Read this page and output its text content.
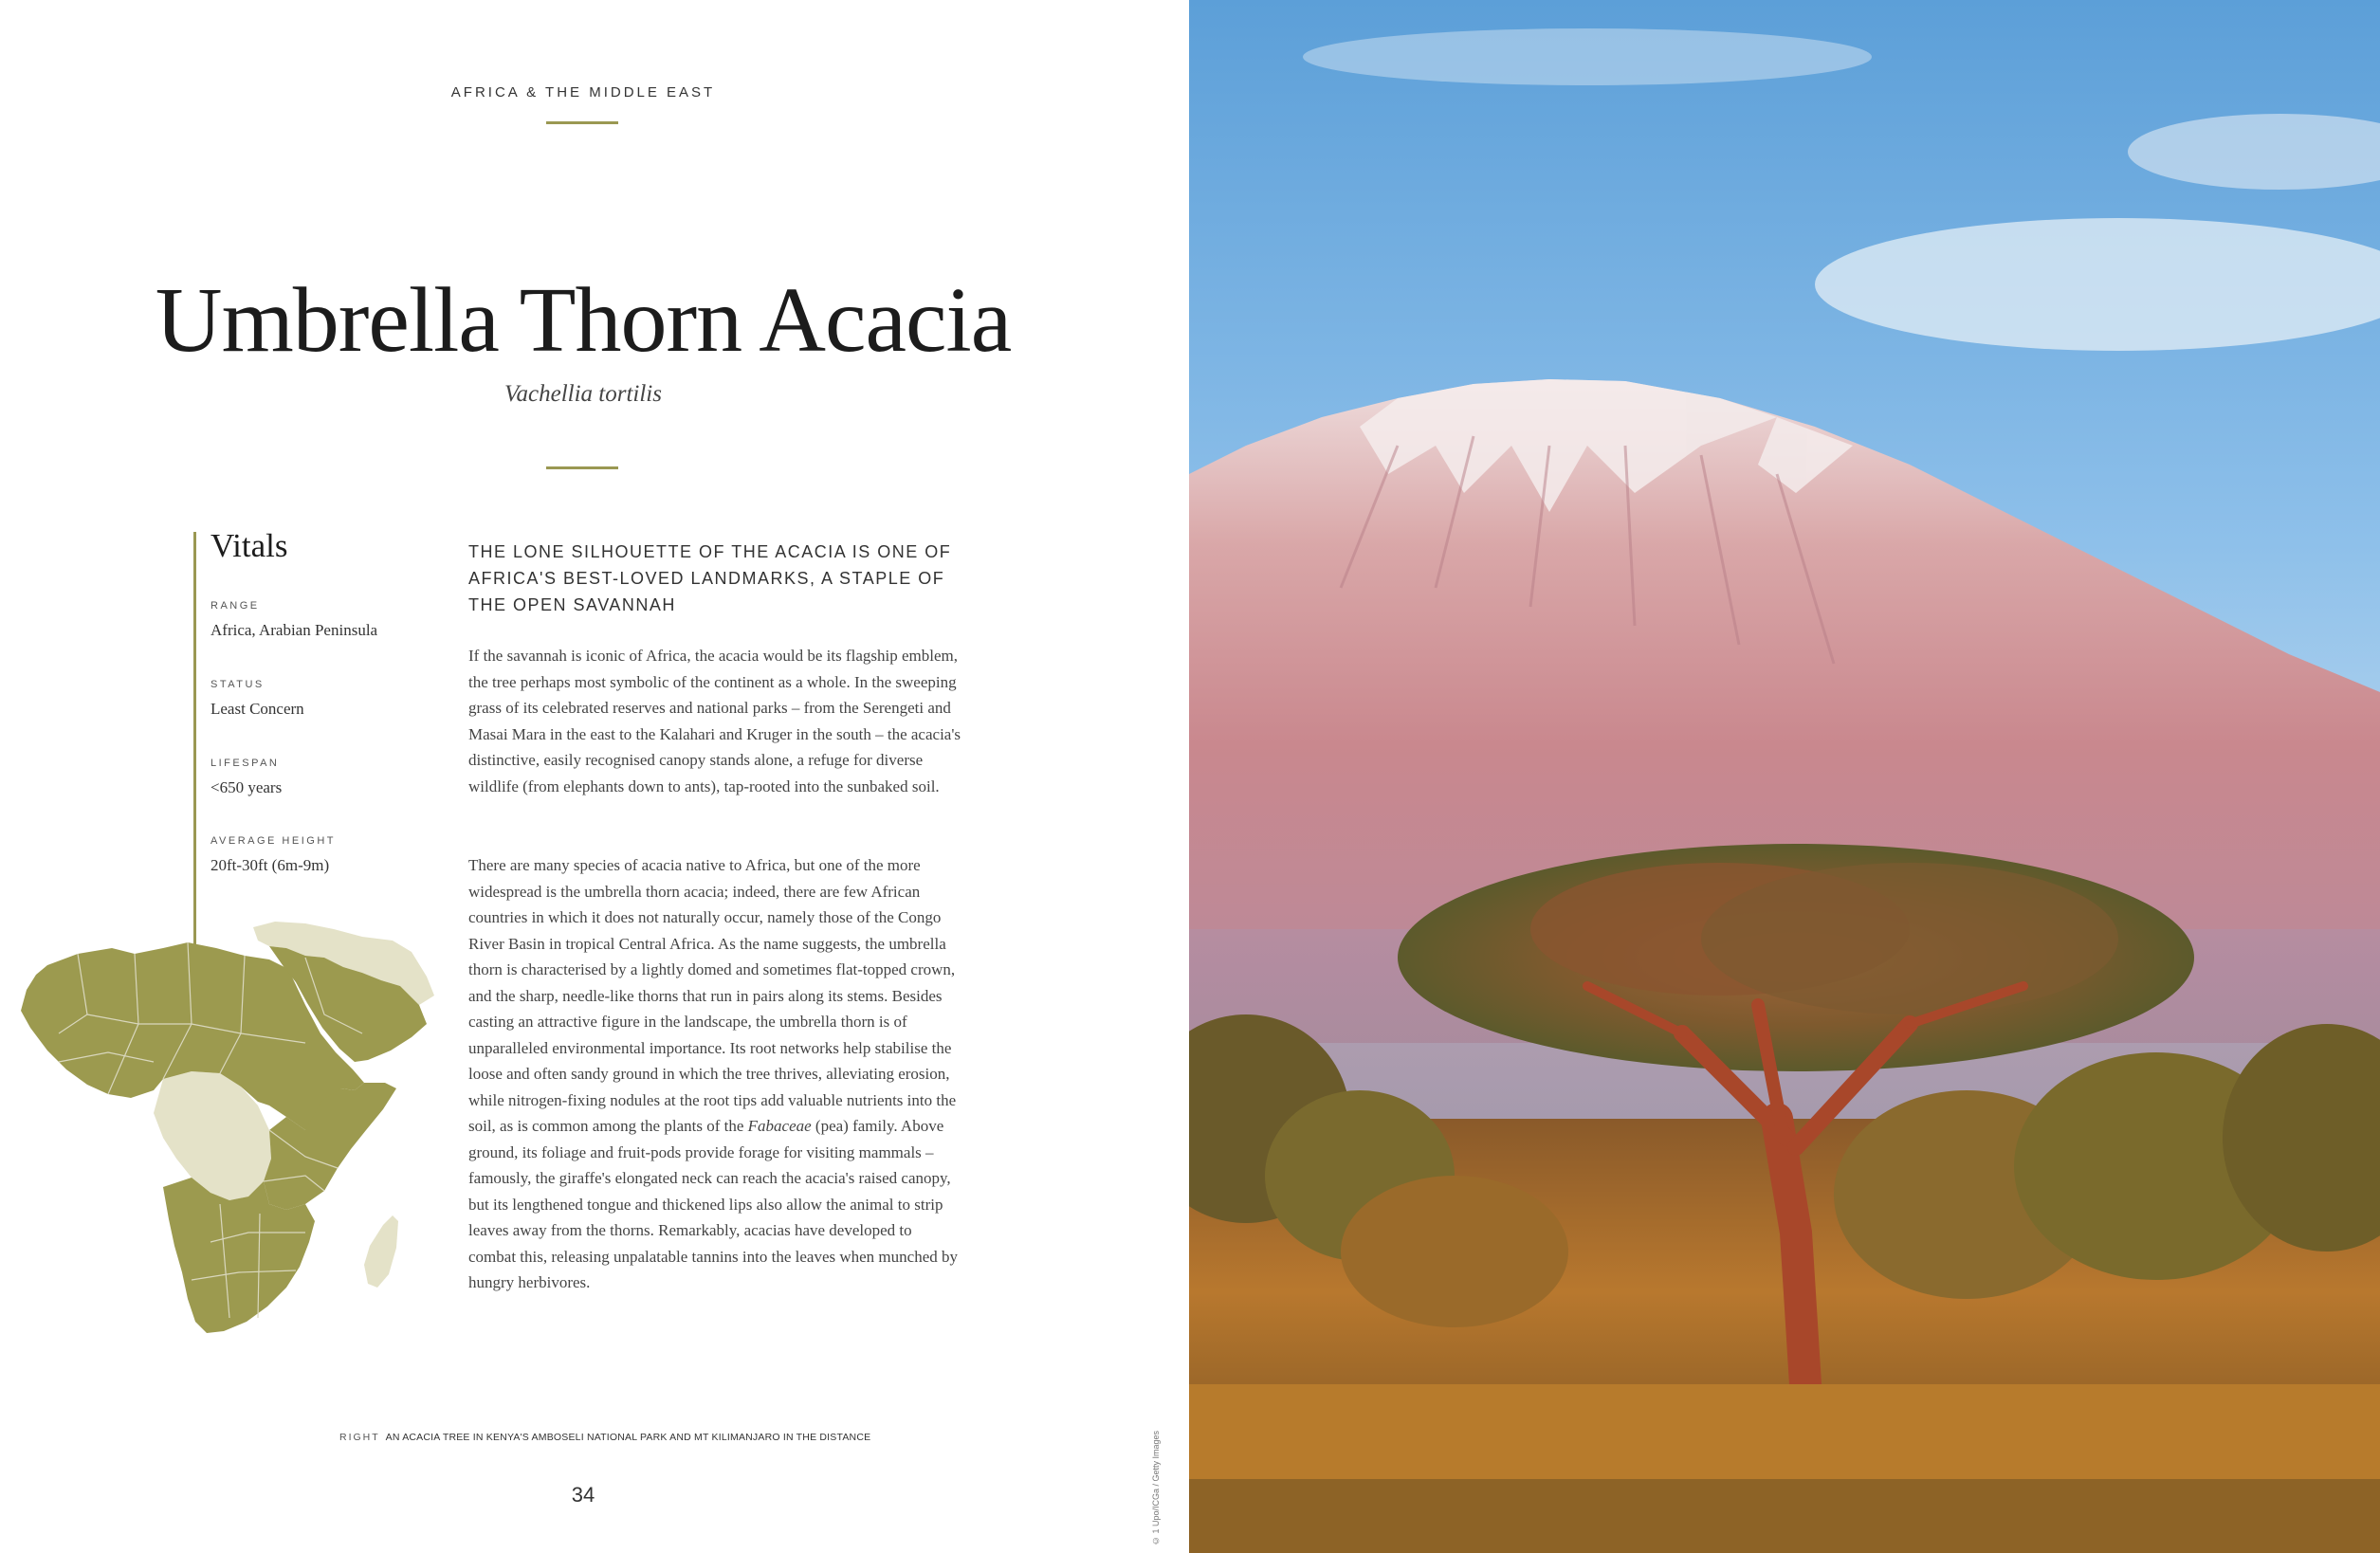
AFRICA & THE MIDDLE EAST
Umbrella Thorn Acacia
Vachellia tortilis
Vitals
RANGE
Africa, Arabian Peninsula
STATUS
Least Concern
LIFESPAN
<650 years
AVERAGE HEIGHT
20ft-30ft (6m-9m)
THE LONE SILHOUETTE OF THE ACACIA IS ONE OF AFRICA'S BEST-LOVED LANDMARKS, A STAPLE OF THE OPEN SAVANNAH

If the savannah is iconic of Africa, the acacia would be its flagship emblem, the tree perhaps most symbolic of the continent as a whole. In the sweeping grass of its celebrated reserves and national parks – from the Serengeti and Masai Mara in the east to the Kalahari and Kruger in the south – the acacia's distinctive, easily recognised canopy stands alone, a refuge for diverse wildlife (from elephants down to ants), tap-rooted into the sunbaked soil.

There are many species of acacia native to Africa, but one of the more widespread is the umbrella thorn acacia; indeed, there are few African countries in which it does not naturally occur, namely those of the Congo River Basin in tropical Central Africa. As the name suggests, the umbrella thorn is characterised by a lightly domed and sometimes flat-topped crown, and the sharp, needle-like thorns that run in pairs along its stems. Besides casting an attractive figure in the landscape, the umbrella thorn is of unparalleled environmental importance. Its root networks help stabilise the loose and often sandy ground in which the tree thrives, alleviating erosion, while nitrogen-fixing nodules at the root tips add valuable nutrients into the soil, as is common among the plants of the Fabaceae (pea) family. Above ground, its foliage and fruit-pods provide forage for visiting mammals – famously, the giraffe's elongated neck can reach the acacia's raised canopy, but its lengthened tongue and thickened lips also allow the animal to strip leaves away from the thorns. Remarkably, acacias have developed to combat this, releasing unpalatable tannins into the leaves when munched by hungry herbivores.

RIGHT AN ACACIA TREE IN KENYA'S AMBOSELI NATIONAL PARK AND MT KILIMANJARO IN THE DISTANCE
34	© 1 Upo/ICGa / Getty Images
